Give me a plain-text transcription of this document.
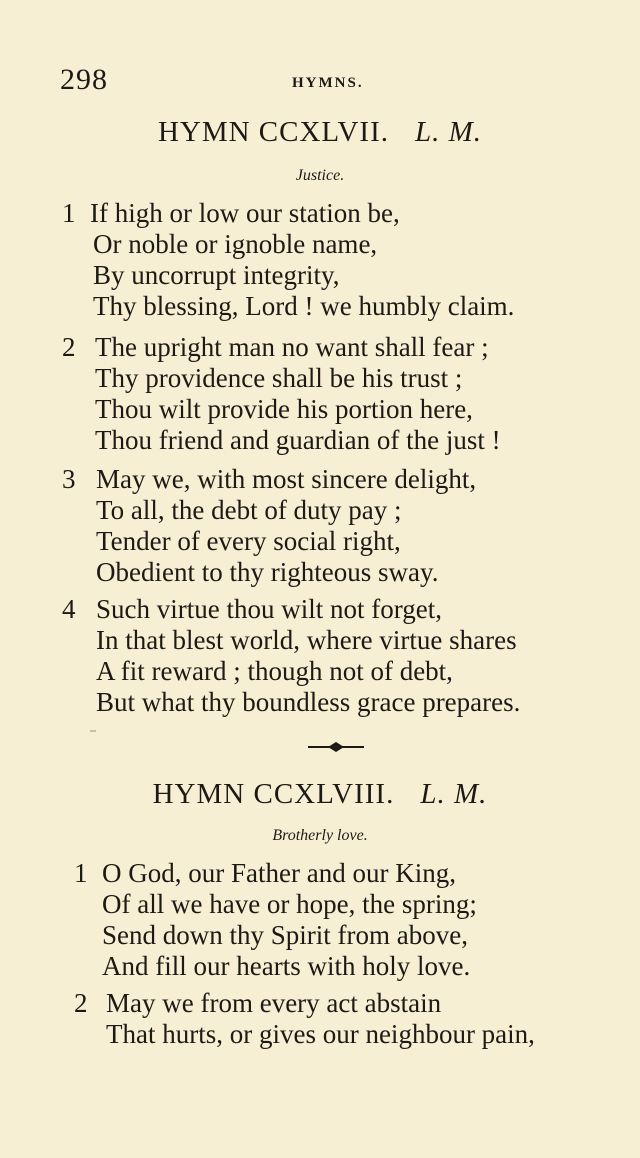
298	HYMNS.
HYMN CCXLVII. L. M.
Justice.
1 If high or low our station be,
Or noble or ignoble name,
By uncorrupt integrity,
Thy blessing, Lord ! we humbly claim.
2 The upright man no want shall fear ;
Thy providence shall be his trust ;
Thou wilt provide his portion here,
Thou friend and guardian of the just !
3 May we, with most sincere delight,
To all, the debt of duty pay ;
Tender of every social right,
Obedient to thy righteous sway.
4 Such virtue thou wilt not forget,
In that blest world, where virtue shares
A fit reward ; though not of debt,
But what thy boundless grace prepares.
HYMN CCXLVIII. L. M.
Brotherly love.
1 O God, our Father and our King,
Of all we have or hope, the spring;
Send down thy Spirit from above,
And fill our hearts with holy love.
2 May we from every act abstain
That hurts, or gives our neighbour pain,
